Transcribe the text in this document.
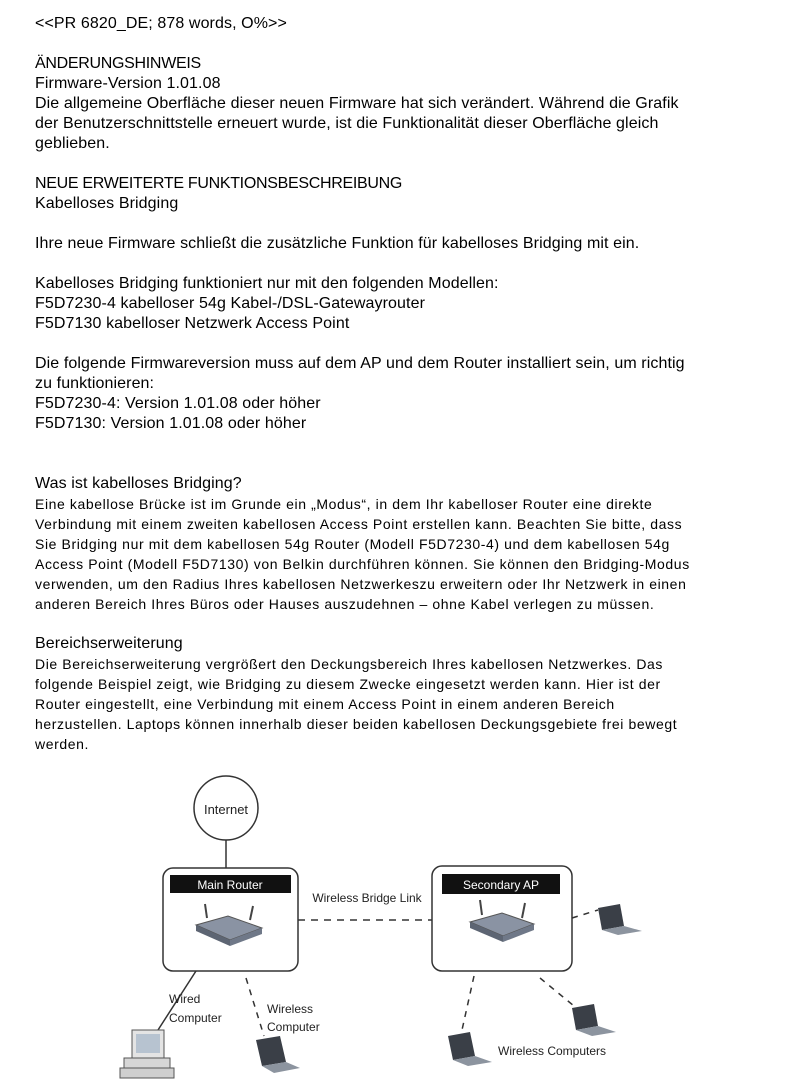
<<PR 6820_DE; 878 words, O%>>

ÄNDERUNGSHINWEIS

Firmware-Version 1.01.08

Die allgemeine Oberfläche dieser neuen Firmware hat sich verändert. Während die Grafik

der Benutzerschnittstelle erneuert wurde, ist die Funktionalität dieser Oberfläche gleich

geblieben.

NEUE ERWEITERTE FUNKTIONSBESCHREIBUNG

Kabelloses Bridging

Ihre neue Firmware schließt die zusätzliche Funktion für kabelloses Bridging mit ein.

Kabelloses Bridging funktioniert nur mit den folgenden Modellen:

F5D7230-4 kabelloser 54g Kabel-/DSL-Gatewayrouter

F5D7130 kabelloser Netzwerk Access Point

Die folgende Firmwareversion muss auf dem AP und dem Router installiert sein, um richtig

zu funktionieren:

F5D7230-4: Version 1.01.08 oder höher

F5D7130: Version 1.01.08 oder höher

Was ist kabelloses Bridging?

Eine kabellose Brücke ist im Grunde ein „Modus“, in dem Ihr kabelloser Router eine direkte

Verbindung mit einem zweiten kabellosen Access Point erstellen kann. Beachten Sie bitte, dass

Sie Bridging nur mit dem kabellosen 54g Router (Modell F5D7230-4) und dem kabellosen 54g

Access Point (Modell F5D7130) von Belkin durchführen können. Sie können den Bridging-Modus

verwenden, um den Radius Ihres kabellosen Netzwerkeszu erweitern oder Ihr Netzwerk in einen

anderen Bereich Ihres Büros oder Hauses auszudehnen – ohne Kabel verlegen zu müssen.

Bereichserweiterung

Die Bereichserweiterung vergrößert den Deckungsbereich Ihres kabellosen Netzwerkes. Das

folgende Beispiel zeigt, wie Bridging zu diesem Zwecke eingesetzt werden kann. Hier ist der

Router eingestellt, eine Verbindung mit einem Access Point in einem anderen Bereich

herzustellen. Laptops können innerhalb dieser beiden kabellosen Deckungsgebiete frei bewegt

werden.

Internet
Main Router
Wireless Bridge Link
Secondary AP
Wired
Computer
Wireless
Computer
Wireless Computers
